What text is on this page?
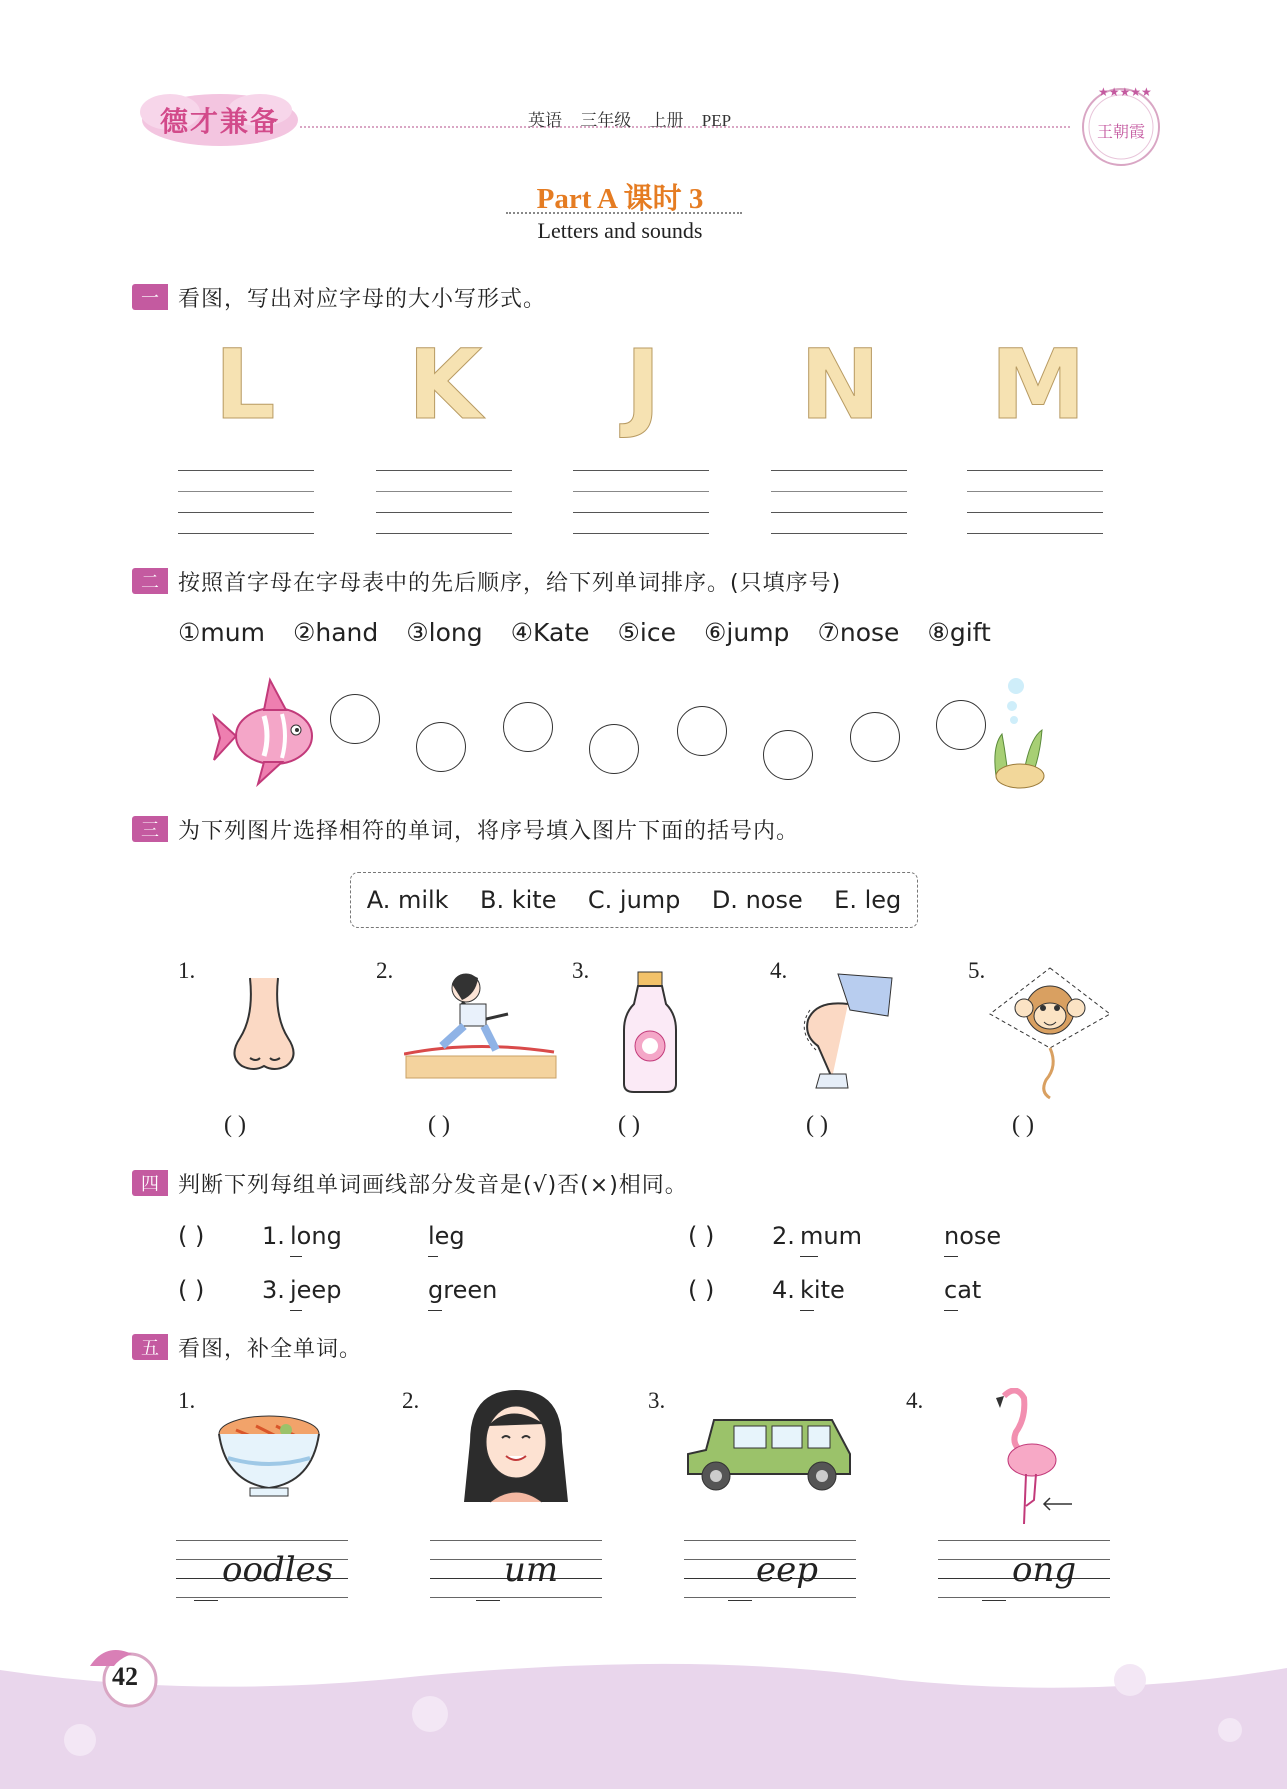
德才兼备	英语 三年级 上册 PEP
★★★★★
王朝霞
Part A 课时 3
Letters and sounds
一 看图，写出对应字母的大小写形式。
L K	J	N M
二 按照首字母在字母表中的先后顺序，给下列单词排序。(只填序号)
①mum ②hand ③long ④Kate ⑤ice ⑥jump ⑦nose ⑧gift
三 为下列图片选择相符的单词，将序号填入图片下面的括号内。
A. milk B. kite C. jump D. nose E. leg
1.	2.	3.	4.	5.
( )	( )	( )	( )	( )
四 判断下列每组单词画线部分发音是(√)否(×)相同。
( ) 1. long	leg	( ) 2. mum	nose
( ) 3. jeep	green	( ) 4. kite	cat
五 看图，补全单词。
1.	2.	3.	4.
oodles	um	eep	ong
42
